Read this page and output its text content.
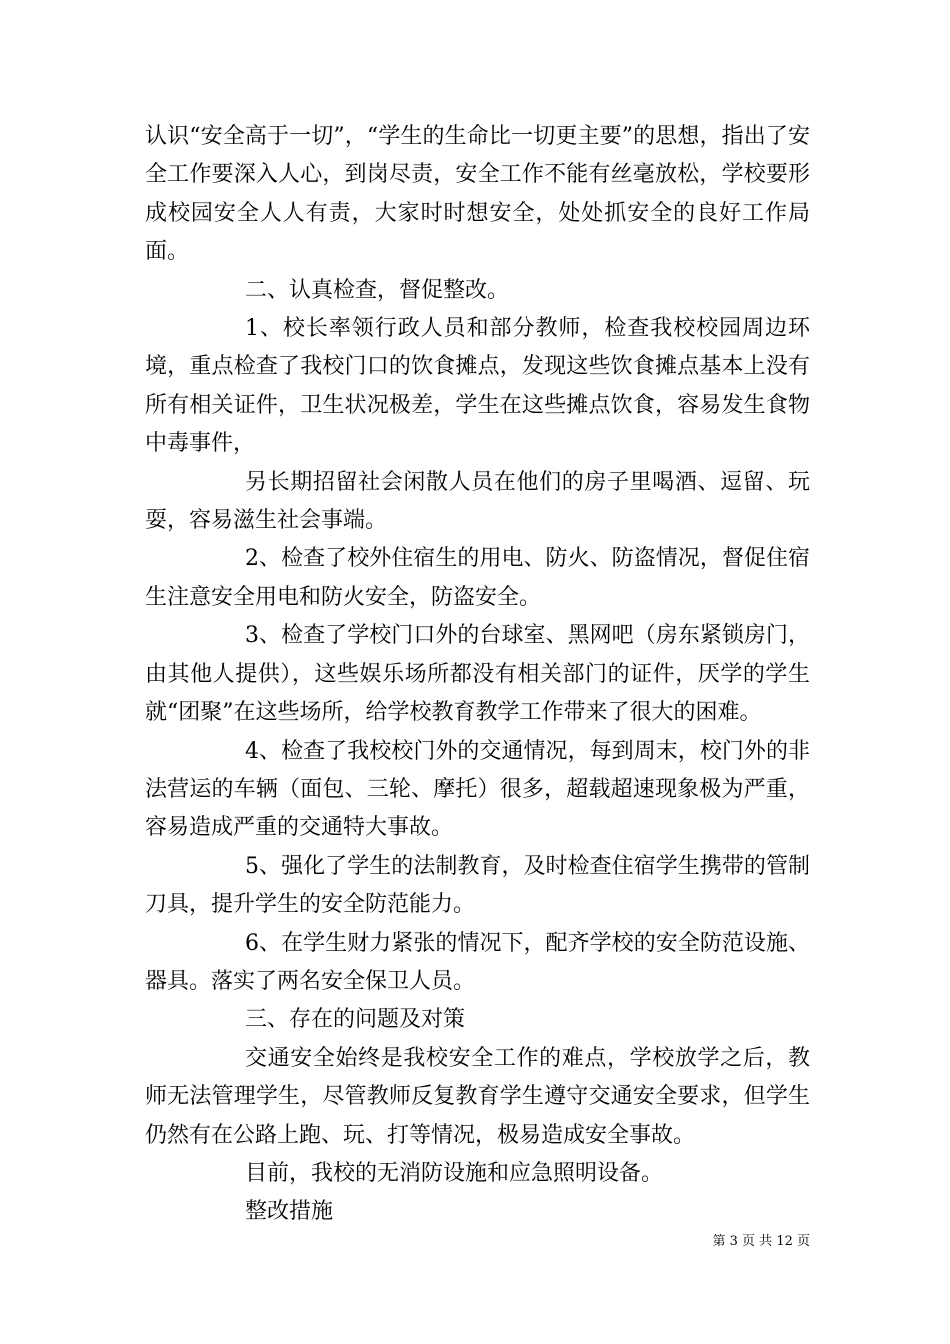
认识“安全高于一切”，“学生的生命比一切更主要”的思想，指出了安全工作要深入人心，到岗尽责，安全工作不能有丝毫放松，学校要形成校园安全人人有责，大家时时想安全，处处抓安全的良好工作局面。

二、认真检查，督促整改。

1、校长率领行政人员和部分教师，检查我校校园周边环境，重点检查了我校门口的饮食摊点，发现这些饮食摊点基本上没有所有相关证件，卫生状况极差，学生在这些摊点饮食，容易发生食物中毒事件，

另长期招留社会闲散人员在他们的房子里喝酒、逗留、玩耍，容易滋生社会事端。

2、检查了校外住宿生的用电、防火、防盗情况，督促住宿生注意安全用电和防火安全，防盗安全。

3、检查了学校门口外的台球室、黑网吧（房东紧锁房门，由其他人提供），这些娱乐场所都没有相关部门的证件，厌学的学生就“团聚”在这些场所，给学校教育教学工作带来了很大的困难。

4、检查了我校校门外的交通情况，每到周末，校门外的非法营运的车辆（面包、三轮、摩托）很多，超载超速现象极为严重，容易造成严重的交通特大事故。

5、强化了学生的法制教育，及时检查住宿学生携带的管制刀具，提升学生的安全防范能力。

6、在学生财力紧张的情况下，配齐学校的安全防范设施、器具。落实了两名安全保卫人员。

三、存在的问题及对策

交通安全始终是我校安全工作的难点，学校放学之后，教师无法管理学生，尽管教师反复教育学生遵守交通安全要求，但学生仍然有在公路上跑、玩、打等情况，极易造成安全事故。

目前，我校的无消防设施和应急照明设备。

整改措施

第 3 页 共 12 页
